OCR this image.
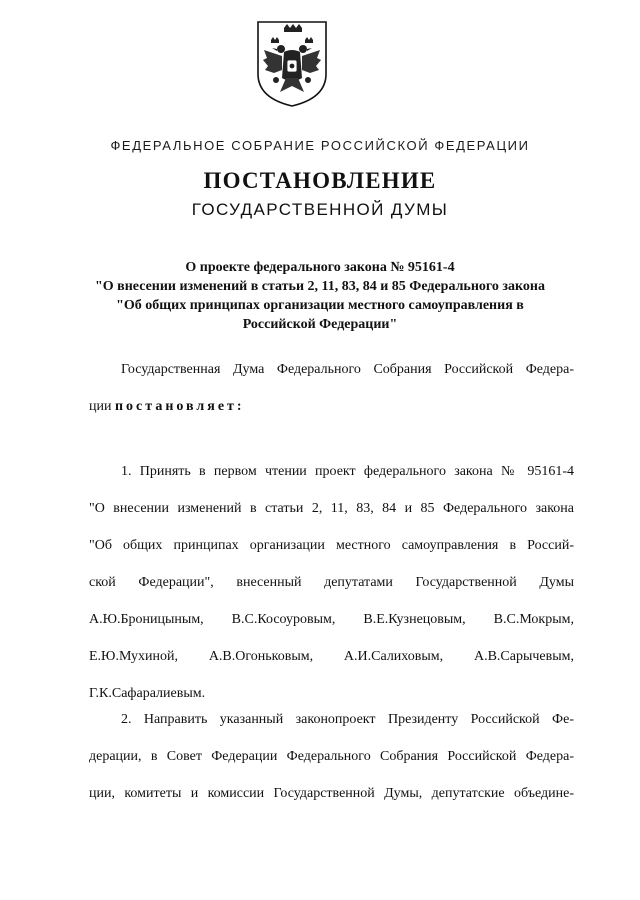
ФЕДЕРАЛЬНОЕ СОБРАНИЕ РОССИЙСКОЙ ФЕДЕРАЦИИ
ПОСТАНОВЛЕНИЕ
ГОСУДАРСТВЕННОЙ ДУМЫ
О проекте федерального закона № 95161-4
"О внесении изменений в статьи 2, 11, 83, 84 и 85 Федерального закона
"Об общих принципах организации местного самоуправления в
Российской Федерации"
Государственная Дума Федерального Собрания Российской Федера-
ции постановляет:
1. Принять в первом чтении проект федерального закона № 95161-4
"О внесении изменений в статьи 2, 11, 83, 84 и 85 Федерального закона
"Об общих принципах организации местного самоуправления в Россий-
ской Федерации", внесенный депутатами Государственной Думы
А.Ю.Броницыным, В.С.Косоуровым, В.Е.Кузнецовым, В.С.Мокрым,
Е.Ю.Мухиной, А.В.Огоньковым, А.И.Салиховым, А.В.Сарычевым,
Г.К.Сафаралиевым.
2. Направить указанный законопроект Президенту Российской Фе-
дерации, в Совет Федерации Федерального Собрания Российской Федера-
ции, комитеты и комиссии Государственной Думы, депутатские объедине-
